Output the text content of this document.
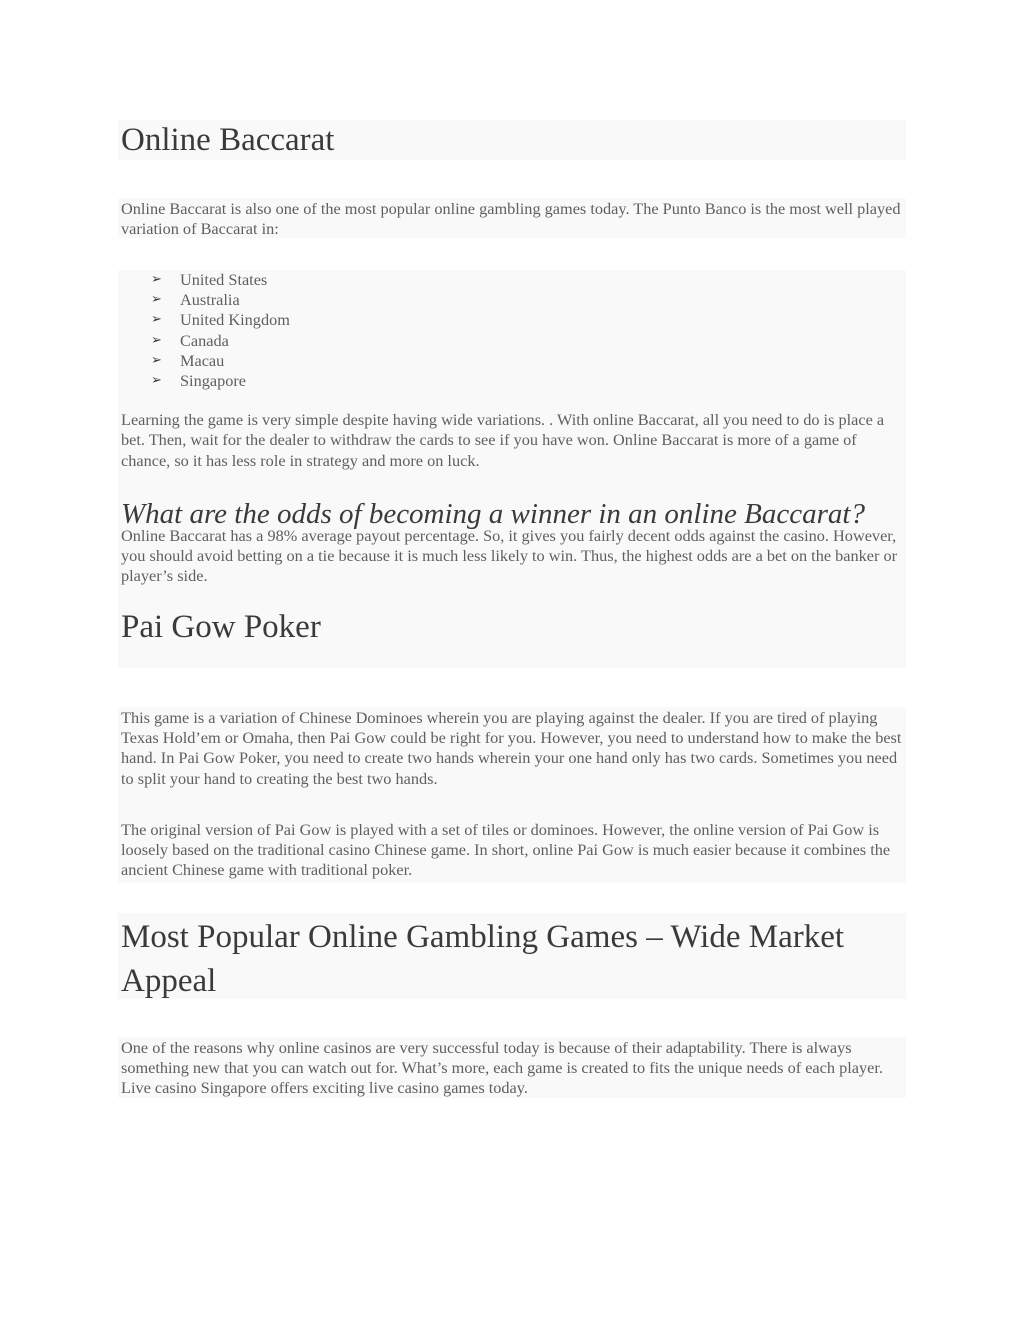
Online Baccarat

Online Baccarat is also one of the most popular online gambling games today. The Punto Banco is the most well played variation of Baccarat in:

➢ United States
➢ Australia
➢ United Kingdom
➢ Canada
➢ Macau
➢ Singapore

Learning the game is very simple despite having wide variations. . With online Baccarat, all you need to do is place a bet. Then, wait for the dealer to withdraw the cards to see if you have won. Online Baccarat is more of a game of chance, so it has less role in strategy and more on luck.

What are the odds of becoming a winner in an online Baccarat?

Online Baccarat has a 98% average payout percentage. So, it gives you fairly decent odds against the casino. However, you should avoid betting on a tie because it is much less likely to win. Thus, the highest odds are a bet on the banker or player’s side.

Pai Gow Poker

This game is a variation of Chinese Dominoes wherein you are playing against the dealer. If you are tired of playing Texas Hold’em or Omaha, then Pai Gow could be right for you. However, you need to understand how to make the best hand. In Pai Gow Poker, you need to create two hands wherein your one hand only has two cards. Sometimes you need to split your hand to creating the best two hands.

The original version of Pai Gow is played with a set of tiles or dominoes. However, the online version of Pai Gow is loosely based on the traditional casino Chinese game. In short, online Pai Gow is much easier because it combines the ancient Chinese game with traditional poker.

Most Popular Online Gambling Games – Wide Market Appeal

One of the reasons why online casinos are very successful today is because of their adaptability. There is always something new that you can watch out for. What’s more, each game is created to fits the unique needs of each player. Live casino Singapore offers exciting live casino games today.
